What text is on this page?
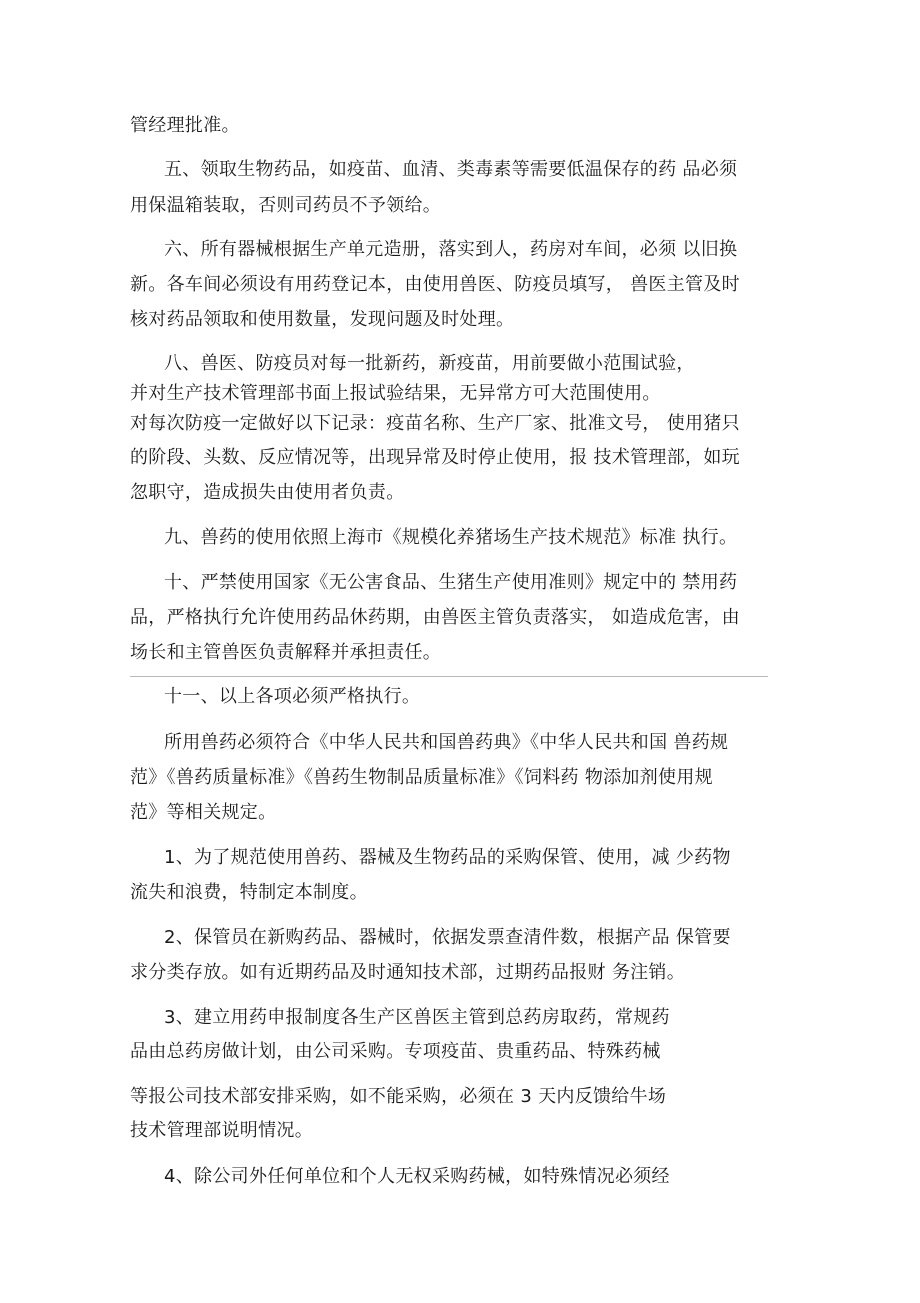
管经理批准。
五、领取生物药品，如疫苗、血清、类毒素等需要低温保存的药 品必须
用保温箱装取，否则司药员不予领给。
六、所有器械根据生产单元造册，落实到人，药房对车间，必须 以旧换
新。各车间必须设有用药登记本，由使用兽医、防疫员填写， 兽医主管及时
核对药品领取和使用数量，发现问题及时处理。
八、兽医、防疫员对每一批新药，新疫苗，用前要做小范围试验，
并对生产技术管理部书面上报试验结果，无异常方可大范围使用。
对每次防疫一定做好以下记录：疫苗名称、生产厂家、批准文号， 使用猪只
的阶段、头数、反应情况等，出现异常及时停止使用，报 技术管理部，如玩
忽职守，造成损失由使用者负责。
九、兽药的使用依照上海市《规模化养猪场生产技术规范》标准 执行。
十、严禁使用国家《无公害食品、生猪生产使用准则》规定中的 禁用药
品，严格执行允许使用药品休药期，由兽医主管负责落实， 如造成危害，由
场长和主管兽医负责解释并承担责任。
十一、以上各项必须严格执行。
所用兽药必须符合《中华人民共和国兽药典》《中华人民共和国 兽药规
范》《兽药质量标准》《兽药生物制品质量标准》《饲料药 物添加剂使用规
范》等相关规定。
1、为了规范使用兽药、器械及生物药品的采购保管、使用，减 少药物
流失和浪费，特制定本制度。
2、保管员在新购药品、器械时，依据发票查清件数，根据产品 保管要
求分类存放。如有近期药品及时通知技术部，过期药品报财 务注销。
3、建立用药申报制度各生产区兽医主管到总药房取药，常规药
品由总药房做计划，由公司采购。专项疫苗、贵重药品、特殊药械
等报公司技术部安排采购，如不能采购，必须在 3 天内反馈给牛场
技术管理部说明情况。
4、除公司外任何单位和个人无权采购药械，如特殊情况必须经
